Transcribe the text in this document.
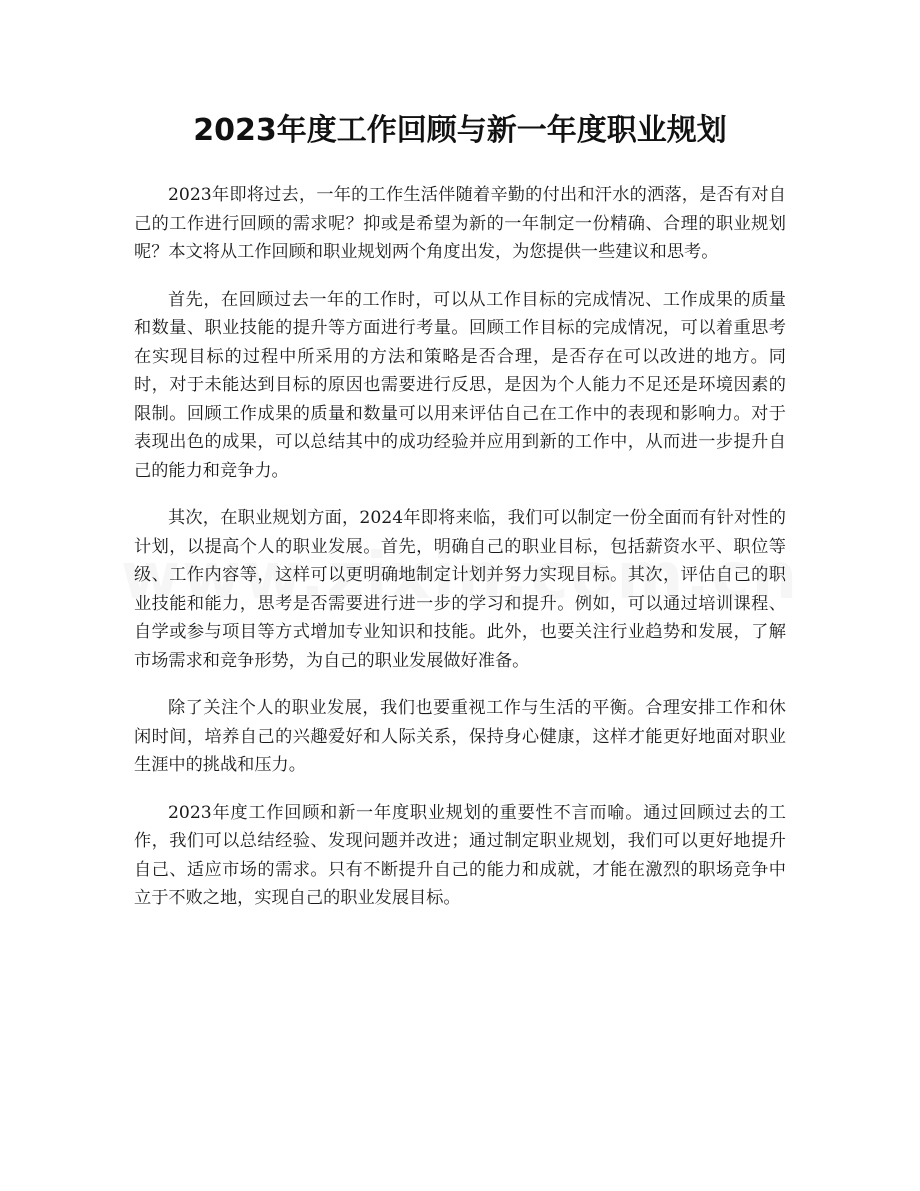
2023年度工作回顾与新一年度职业规划

2023年即将过去，一年的工作生活伴随着辛勤的付出和汗水的洒落，是否有对自己的工作进行回顾的需求呢？抑或是希望为新的一年制定一份精确、合理的职业规划呢？本文将从工作回顾和职业规划两个角度出发，为您提供一些建议和思考。

首先，在回顾过去一年的工作时，可以从工作目标的完成情况、工作成果的质量和数量、职业技能的提升等方面进行考量。回顾工作目标的完成情况，可以着重思考在实现目标的过程中所采用的方法和策略是否合理，是否存在可以改进的地方。同时，对于未能达到目标的原因也需要进行反思，是因为个人能力不足还是环境因素的限制。回顾工作成果的质量和数量可以用来评估自己在工作中的表现和影响力。对于表现出色的成果，可以总结其中的成功经验并应用到新的工作中，从而进一步提升自己的能力和竞争力。

其次，在职业规划方面，2024年即将来临，我们可以制定一份全面而有针对性的计划，以提高个人的职业发展。首先，明确自己的职业目标，包括薪资水平、职位等级、工作内容等，这样可以更明确地制定计划并努力实现目标。其次，评估自己的职业技能和能力，思考是否需要进行进一步的学习和提升。例如，可以通过培训课程、自学或参与项目等方式增加专业知识和技能。此外，也要关注行业趋势和发展，了解市场需求和竞争形势，为自己的职业发展做好准备。

除了关注个人的职业发展，我们也要重视工作与生活的平衡。合理安排工作和休闲时间，培养自己的兴趣爱好和人际关系，保持身心健康，这样才能更好地面对职业生涯中的挑战和压力。

2023年度工作回顾和新一年度职业规划的重要性不言而喻。通过回顾过去的工作，我们可以总结经验、发现问题并改进；通过制定职业规划，我们可以更好地提升自己、适应市场的需求。只有不断提升自己的能力和成就，才能在激烈的职场竞争中立于不败之地，实现自己的职业发展目标。
